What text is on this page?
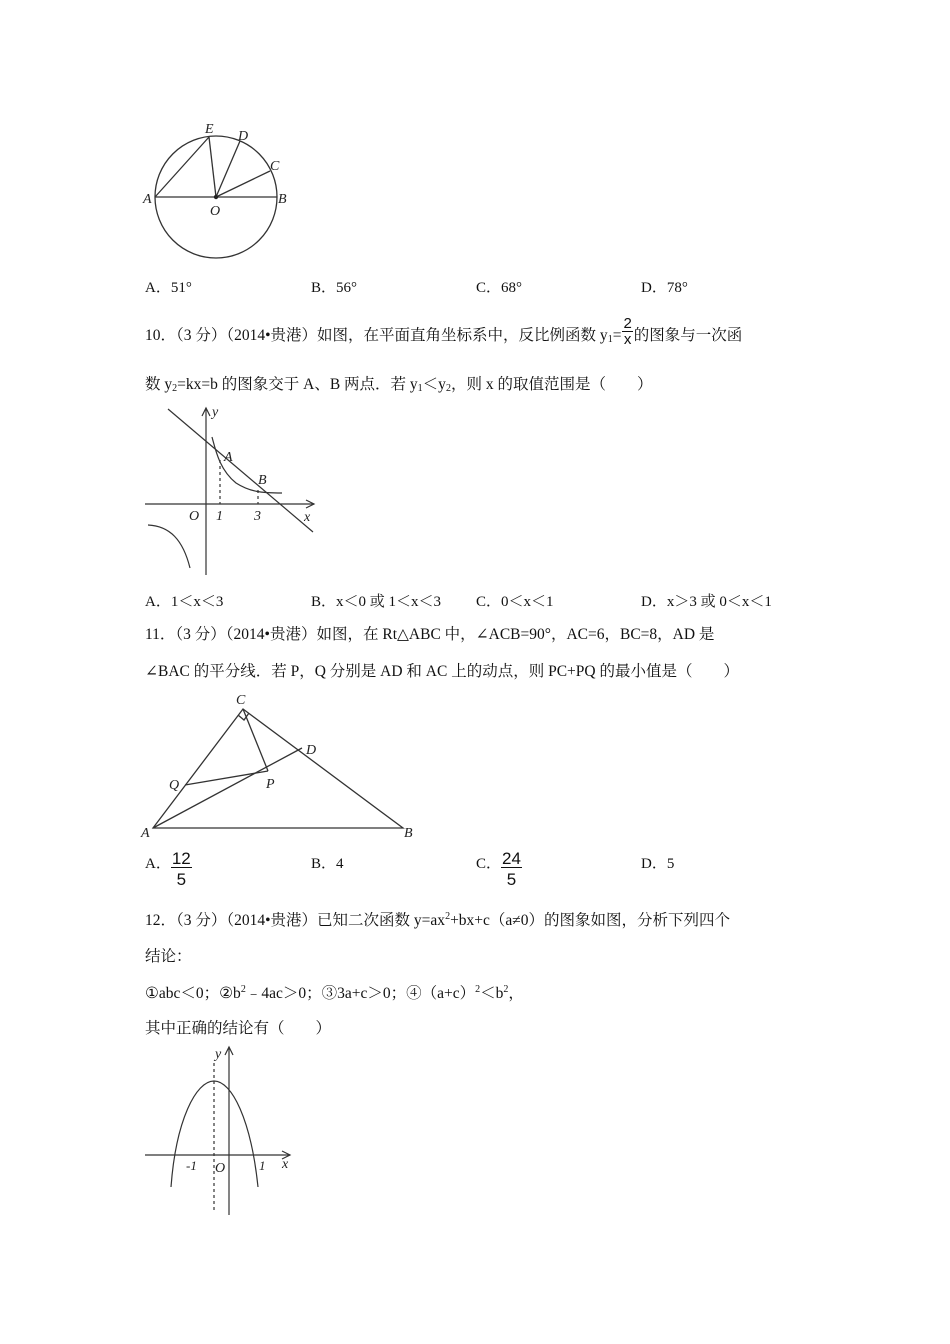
E D
C
A
O
B
A．51°	B．56°	C．68°	D．78°
10．（3 分）（2014•贵港）如图，在平面直角坐标系中，反比例函数 $y_1= \frac{2}{x}$ 的图象与一次函
数 $y_2=kx=b$ 的图象交于 A、B 两点．若 $y_1<y_2$，则 x 的取值范围是（　　）
y
A
B
O 1 3	x
A．1＜x＜3	B．x＜0 或 1＜x＜3 C．0＜x＜1	D．x＞3 或 0＜x＜1
11．（3 分）（2014•贵港）如图，在 Rt△ABC 中，∠ACB=90°，AC=6，BC=8，AD 是
∠BAC 的平分线．若 P，Q 分别是 AD 和 AC 上的动点，则 PC+PQ 的最小值是（　　）
C
D
Q	P
A	B
A． $\frac{12}{5}$	B．4	C． $\frac{24}{5}$	D．5
12．（3 分）（2014•贵港）已知二次函数 $y=ax^2+bx+c(a\ne 0)$的图象如图，分析下列四个
结论：
①abc＜0；$②b^2﹣4ac>0$；③3a+c＞0；$④(a+c)^2<b^2$，
其中正确的结论有（　　）
y
-1 O	1 x
